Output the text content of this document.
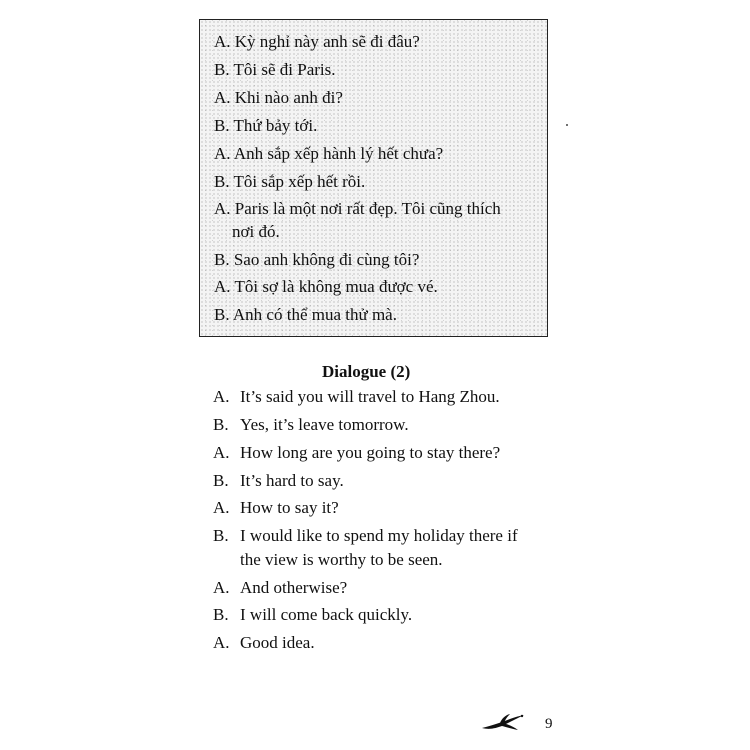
A. Kỳ nghỉ này anh sẽ đi đâu?
B. Tôi sẽ đi Paris.
A. Khi nào anh đi?
B. Thứ bảy tới.
A. Anh sắp xếp hành lý hết chưa?
B. Tôi sắp xếp hết rồi.
A. Paris là một nơi rất đẹp. Tôi cũng thích
nơi đó.
B. Sao anh không đi cùng tôi?
A. Tôi sợ là không mua được vé.
B. Anh có thể mua thử mà.
Dialogue (2)
A. It’s said you will travel to Hang Zhou.
B. Yes, it’s leave tomorrow.
A. How long are you going to stay there?
B. It’s hard to say.
A. How to say it?
B. I would like to spend my holiday there if
the view is worthy to be seen.
A. And otherwise?
B. I will come back quickly.
A. Good idea.
9
